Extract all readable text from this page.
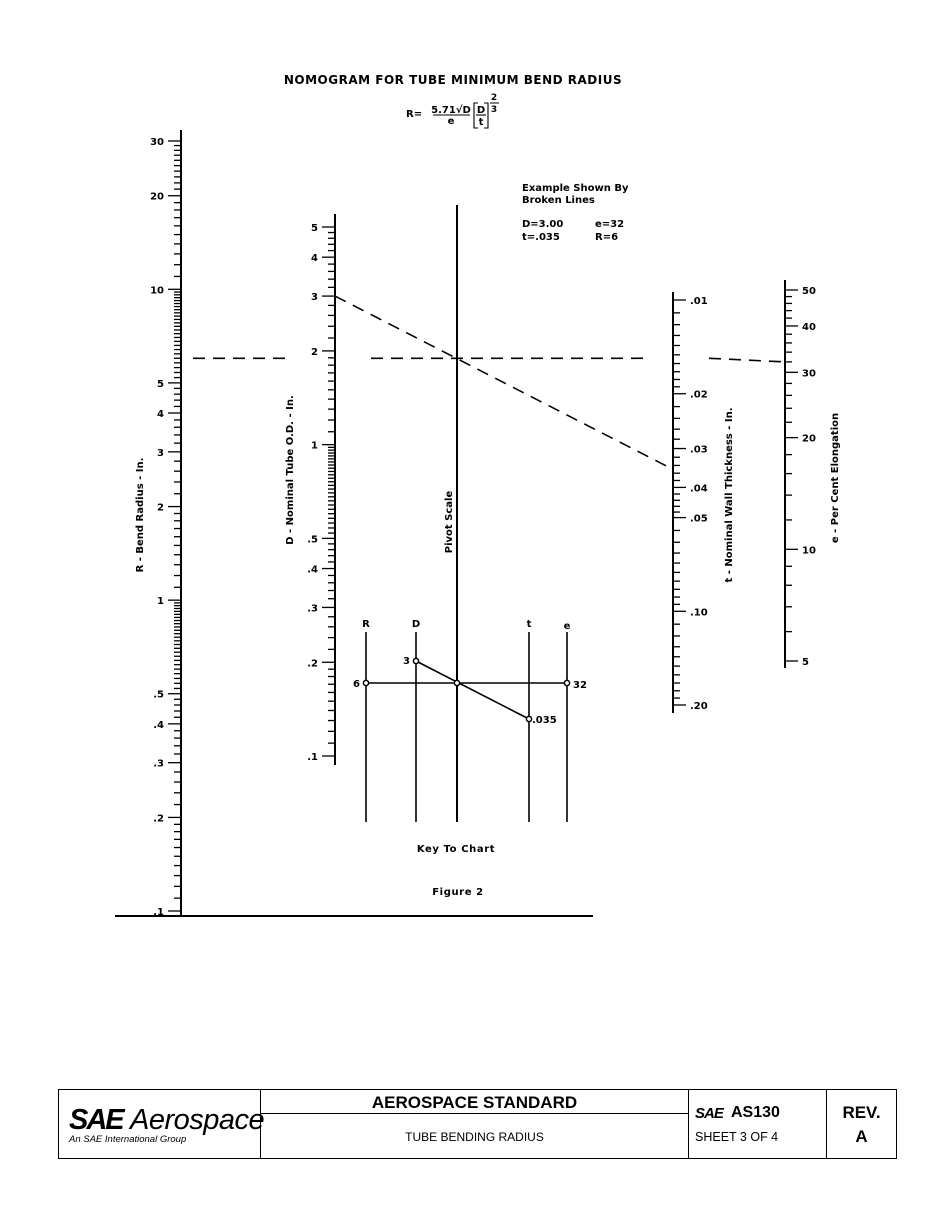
NOMOGRAM FOR TUBE MINIMUM BEND RADIUS
R= 5.71√D
e
D
t
2
3
Example Shown By
Broken Lines
D=3.00	e=32
t=.035	R=6
30
20
10
5
4
3
2
1
.5
.4
.3
.2
.1
5
4
3
2
1
.5
.4
.3
.2
.1
.01
.02
.03
.04
.05
.10
.20
50
40
30
20
10
5
R - Bend Radius - In.	D - Nominal Tube O.D. - In.	Pivot Scale	t - Nominal Wall Thickness - In.	e - Per Cent Elongation
R	D	t	e
6
3
.035
32
Key To Chart
Figure 2
SAE Aerospace
An SAE International Group
AEROSPACE STANDARD
TUBE BENDING RADIUS
SAE AS130
SHEET 3 OF 4
REV.
A
